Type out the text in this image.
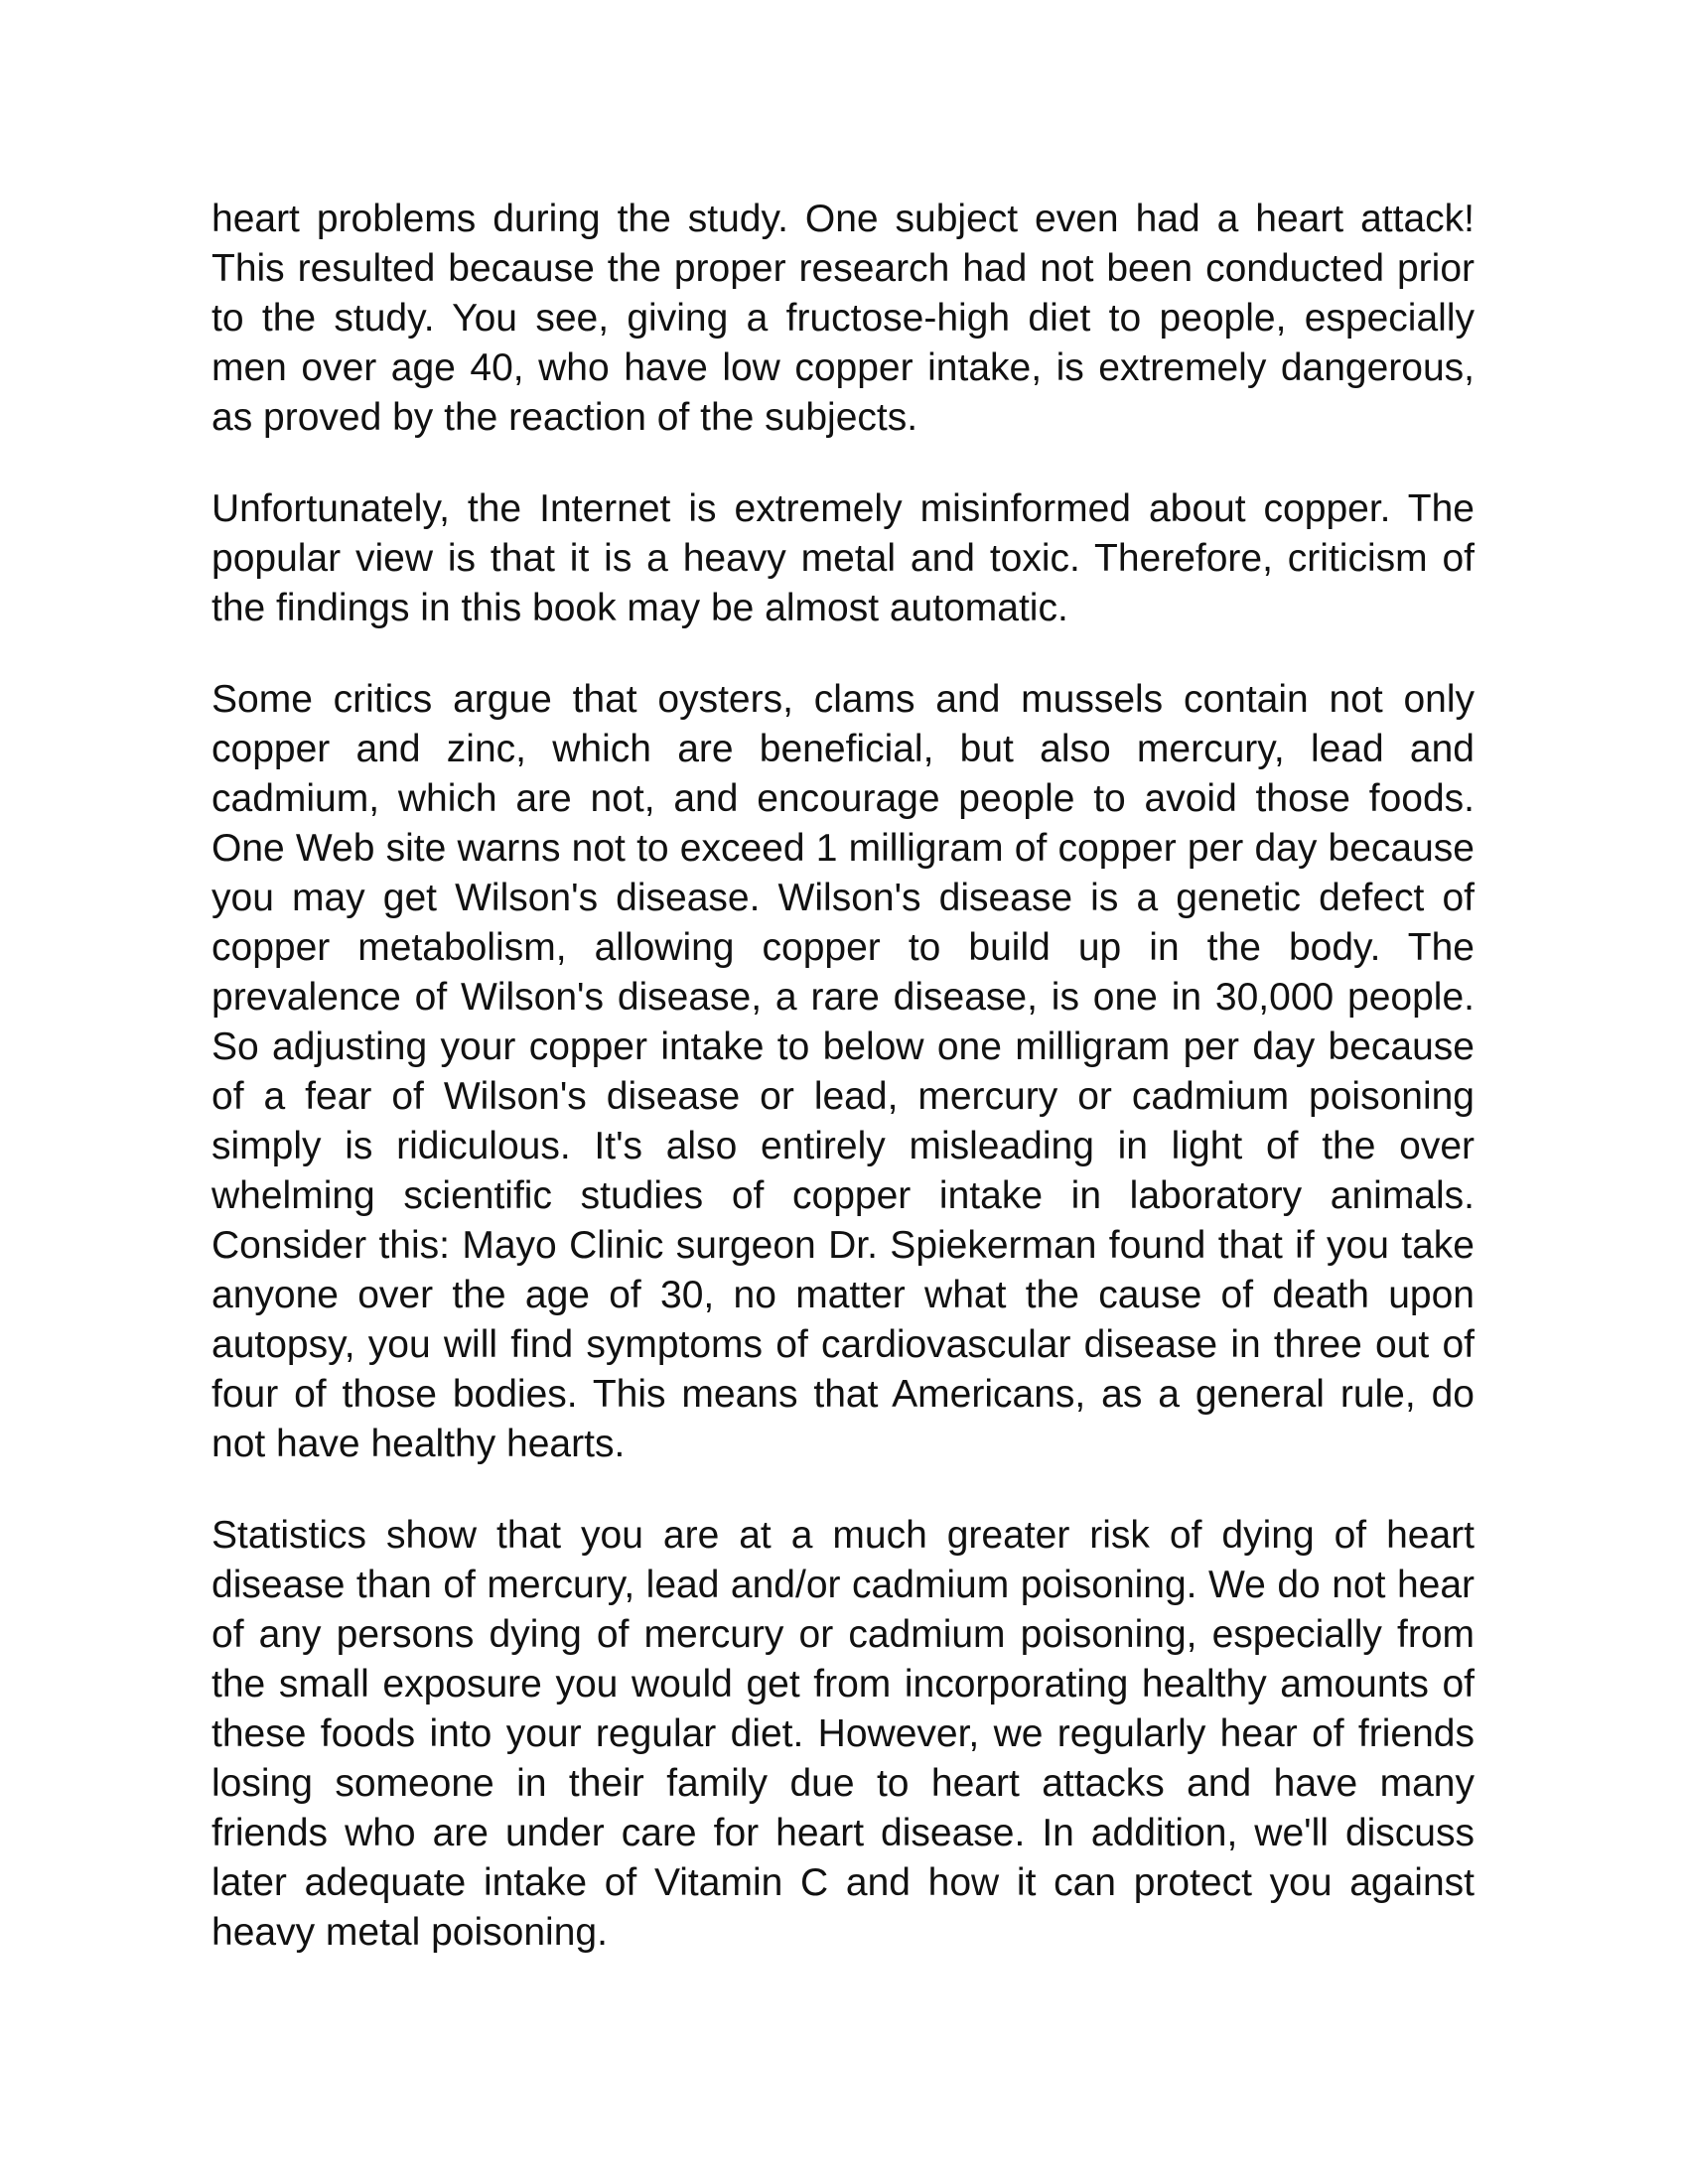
heart problems during the study. One subject even had a heart attack! This resulted because the proper research had not been conducted prior to the study. You see, giving a fructose-high diet to people, especially men over age 40, who have low copper intake, is extremely dangerous, as proved by the reaction of the subjects.

Unfortunately, the Internet is extremely misinformed about copper. The popular view is that it is a heavy metal and toxic. Therefore, criticism of the findings in this book may be almost automatic.

Some critics argue that oysters, clams and mussels contain not only copper and zinc, which are beneficial, but also mercury, lead and cadmium, which are not, and encourage people to avoid those foods. One Web site warns not to exceed 1 milligram of copper per day because you may get Wilson's disease. Wilson's disease is a genetic defect of copper metabolism, allowing copper to build up in the body. The prevalence of Wilson's disease, a rare disease, is one in 30,000 people. So adjusting your copper intake to below one milligram per day because of a fear of Wilson's disease or lead, mercury or cadmium poisoning simply is ridiculous. It's also entirely misleading in light of the over whelming scientific studies of copper intake in laboratory animals. Consider this: Mayo Clinic surgeon Dr. Spiekerman found that if you take anyone over the age of 30, no matter what the cause of death upon autopsy, you will find symptoms of cardiovascular disease in three out of four of those bodies. This means that Americans, as a general rule, do not have healthy hearts.

Statistics show that you are at a much greater risk of dying of heart disease than of mercury, lead and/or cadmium poisoning. We do not hear of any persons dying of mercury or cadmium poisoning, especially from the small exposure you would get from incorporating healthy amounts of these foods into your regular diet. However, we regularly hear of friends losing someone in their family due to heart attacks and have many friends who are under care for heart disease. In addition, we'll discuss later adequate intake of Vitamin C and how it can protect you against heavy metal poisoning.
